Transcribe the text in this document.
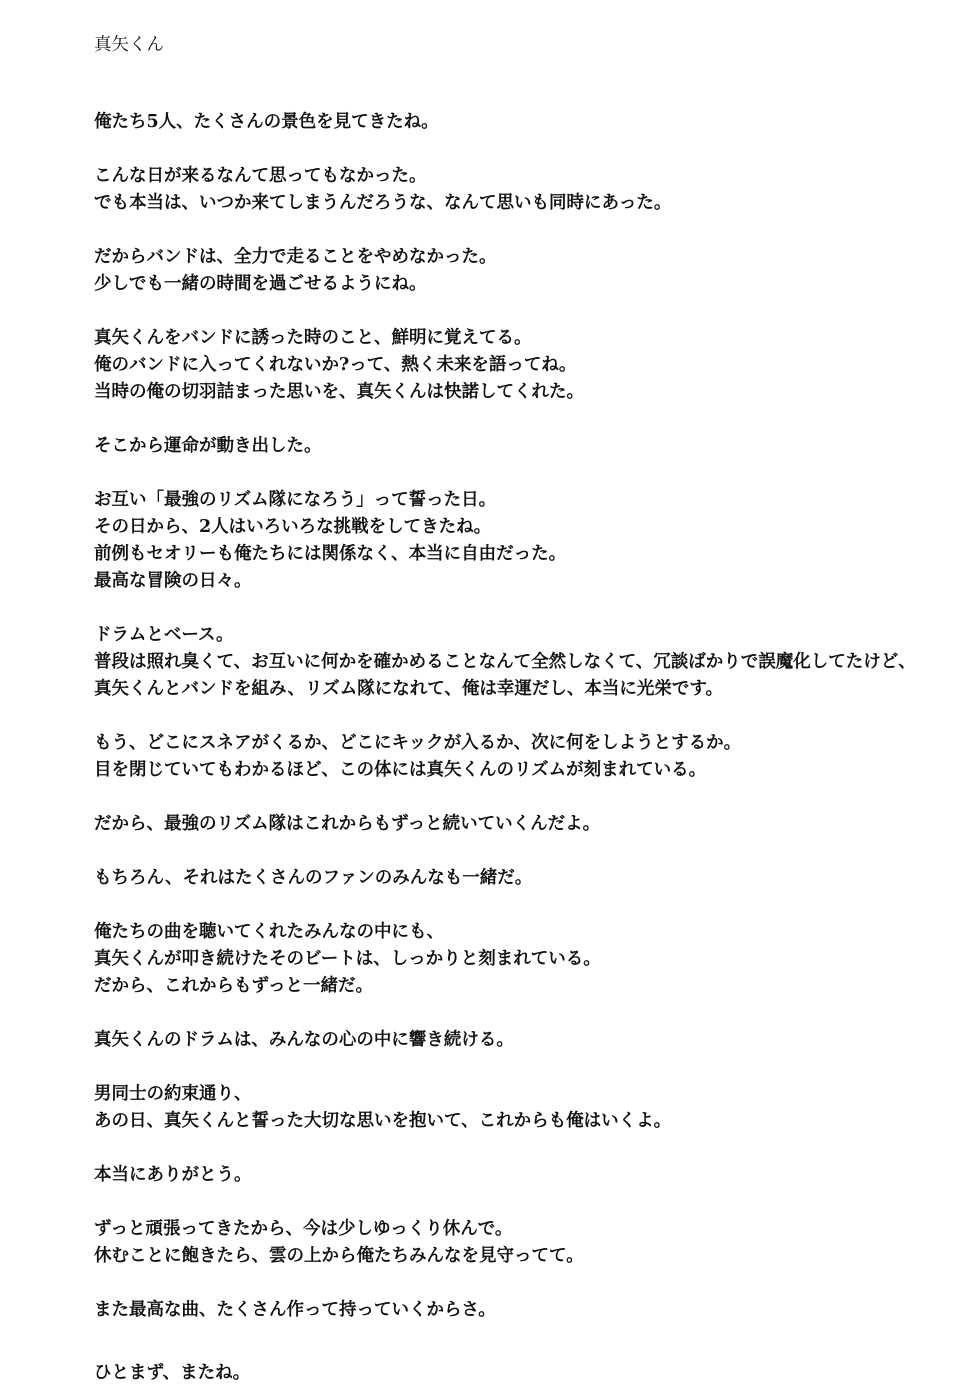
真矢くん
俺たち5人、たくさんの景色を見てきたね。
こんな日が来るなんて思ってもなかった。
でも本当は、いつか来てしまうんだろうな、なんて思いも同時にあった。
だからバンドは、全力で走ることをやめなかった。
少しでも一緒の時間を過ごせるようにね。
真矢くんをバンドに誘った時のこと、鮮明に覚えてる。
俺のバンドに入ってくれないか?って、熱く未来を語ってね。
当時の俺の切羽詰まった思いを、真矢くんは快諾してくれた。
そこから運命が動き出した。
お互い「最強のリズム隊になろう」って誓った日。
その日から、2人はいろいろな挑戦をしてきたね。
前例もセオリーも俺たちには関係なく、本当に自由だった。
最高な冒険の日々。
ドラムとベース。
普段は照れ臭くて、お互いに何かを確かめることなんて全然しなくて、冗談ばかりで誤魔化してたけど、
真矢くんとバンドを組み、リズム隊になれて、俺は幸運だし、本当に光栄です。
もう、どこにスネアがくるか、どこにキックが入るか、次に何をしようとするか。
目を閉じていてもわかるほど、この体には真矢くんのリズムが刻まれている。
だから、最強のリズム隊はこれからもずっと続いていくんだよ。
もちろん、それはたくさんのファンのみんなも一緒だ。
俺たちの曲を聴いてくれたみんなの中にも、
真矢くんが叩き続けたそのビートは、しっかりと刻まれている。
だから、これからもずっと一緒だ。
真矢くんのドラムは、みんなの心の中に響き続ける。
男同士の約束通り、
あの日、真矢くんと誓った大切な思いを抱いて、これからも俺はいくよ。
本当にありがとう。
ずっと頑張ってきたから、今は少しゆっくり休んで。
休むことに飽きたら、雲の上から俺たちみんなを見守ってて。
また最高な曲、たくさん作って持っていくからさ。
ひとまず、またね。
